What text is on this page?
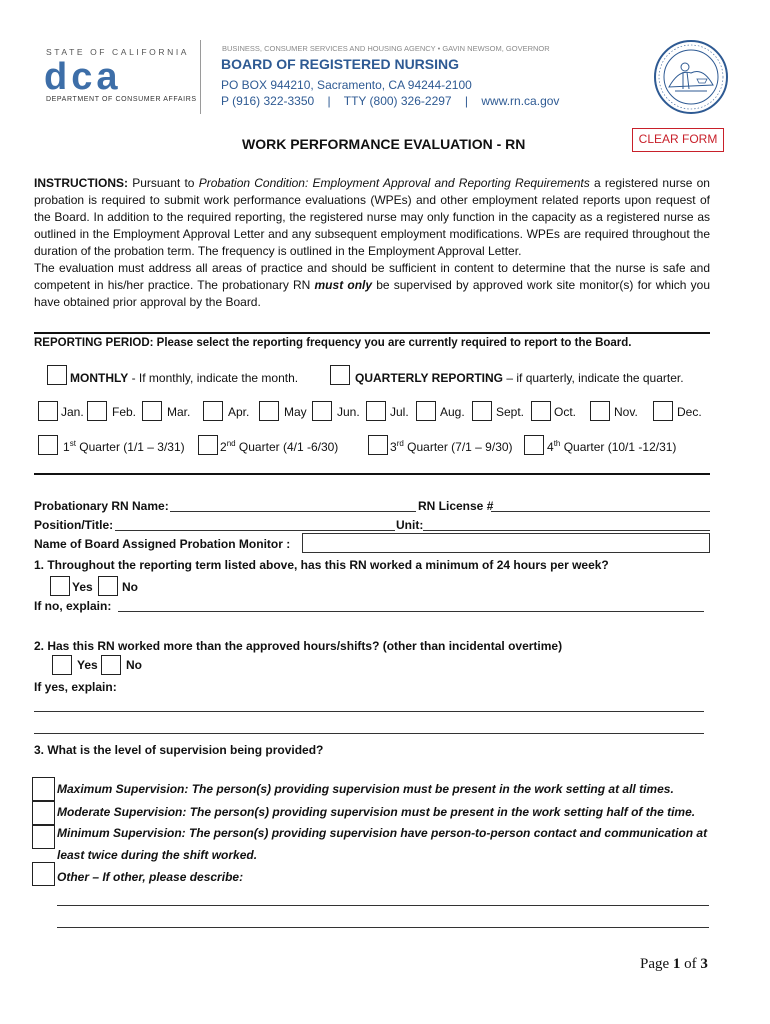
STATE OF CALIFORNIA
dca
DEPARTMENT OF CONSUMER AFFAIRS
BUSINESS, CONSUMER SERVICES AND HOUSING AGENCY • GAVIN NEWSOM, GOVERNOR
BOARD OF REGISTERED NURSING
PO BOX 944210, Sacramento, CA 94244-2100
P (916) 322-3350    |    TTY (800) 326-2297    |    www.rn.ca.gov
WORK PERFORMANCE EVALUATION - RN	CLEAR FORM

INSTRUCTIONS: Pursuant to Probation Condition: Employment Approval and Reporting Requirements a registered nurse on probation is required to submit work performance evaluations (WPEs) and other employment related reports upon request of the Board. In addition to the required reporting, the registered nurse may only function in the capacity as a registered nurse as outlined in the Employment Approval Letter and any subsequent employment modifications. WPEs are required throughout the duration of the probation term. The frequency is outlined in the Employment Approval Letter.

The evaluation must address all areas of practice and should be sufficient in content to determine that the nurse is safe and competent in his/her practice. The probationary RN must only be supervised by approved work site monitor(s) for which you have obtained prior approval by the Board.

REPORTING PERIOD: Please select the reporting frequency you are currently required to report to the Board.
MONTHLY - If monthly, indicate the month.	QUARTERLY REPORTING – if quarterly, indicate the quarter.
Jan. Feb.	Mar.	Apr.	May	Jun.	Jul.	Aug.	Sept. Oct.	Nov.	Dec.
1st Quarter (1/1 – 3/31)	2nd Quarter (4/1 -6/30)	3rd Quarter (7/1 – 9/30)	4th Quarter (10/1 -12/31)
Probationary RN Name:	RN License #
Position/Title:	Unit:
Name of Board Assigned Probation Monitor :
1. Throughout the reporting term listed above, has this RN worked a minimum of 24 hours per week?
Yes No
If no, explain:
2. Has this RN worked more than the approved hours/shifts? (other than incidental overtime)
Yes No
If yes, explain:
3. What is the level of supervision being provided?
Maximum Supervision: The person(s) providing supervision must be present in the work setting at all times.
Moderate Supervision: The person(s) providing supervision must be present in the work setting half of the time.
Minimum Supervision: The person(s) providing supervision have person-to-person contact and communication at
least twice during the shift worked.
Other – If other, please describe:
Page 1 of 3
